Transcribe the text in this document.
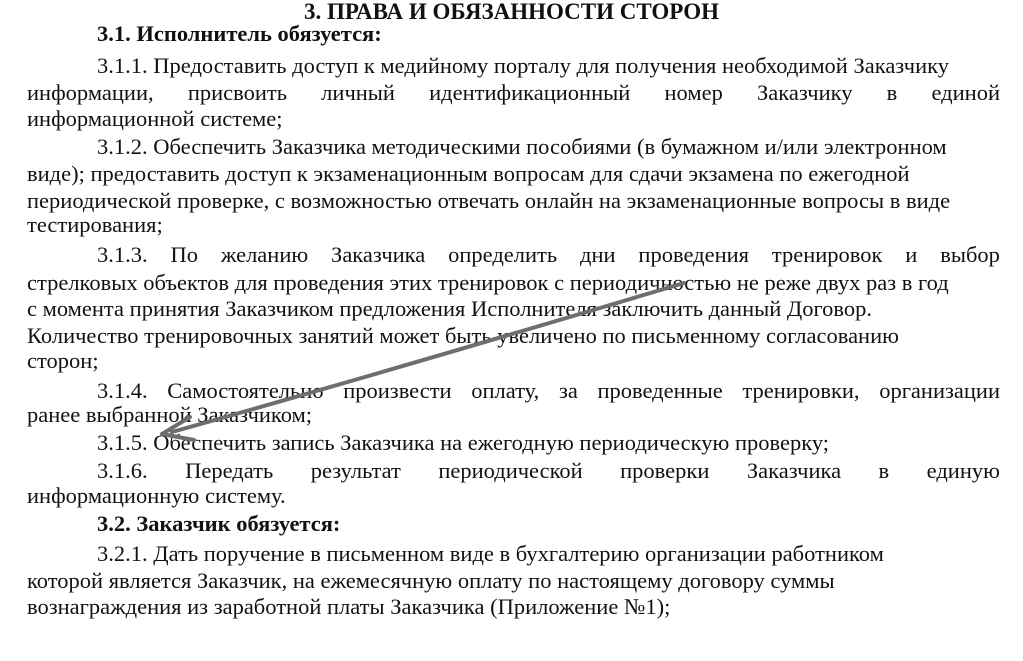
3. ПРАВА И ОБЯЗАННОСТИ СТОРОН
3.1. Исполнитель обязуется:
3.1.1. Предоставить доступ к медийному порталу для получения необходимой Заказчику
информации, присвоить личный идентификационный номер Заказчику в единой
информационной системе;
3.1.2. Обеспечить Заказчика методическими пособиями (в бумажном и/или электронном
виде); предоставить доступ к экзаменационным вопросам для сдачи экзамена по ежегодной
периодической проверке, с возможностью отвечать онлайн на экзаменационные вопросы в виде
тестирования;
3.1.3. По желанию Заказчика определить дни проведения тренировок и выбор
стрелковых объектов для проведения этих тренировок с периодичностью не реже двух раз в год
с момента принятия Заказчиком предложения Исполнителя заключить данный Договор.
Количество тренировочных занятий может быть увеличено по письменному согласованию
сторон;
3.1.4. Самостоятельно произвести оплату, за проведенные тренировки, организации
ранее выбранной Заказчиком;
3.1.5. Обеспечить запись Заказчика на ежегодную периодическую проверку;
3.1.6. Передать результат периодической проверки Заказчика в единую
информационную систему.
3.2. Заказчик обязуется:
3.2.1. Дать поручение в письменном виде в бухгалтерию организации работником
которой является Заказчик, на ежемесячную оплату по настоящему договору суммы
вознаграждения из заработной платы Заказчика (Приложение №1);
